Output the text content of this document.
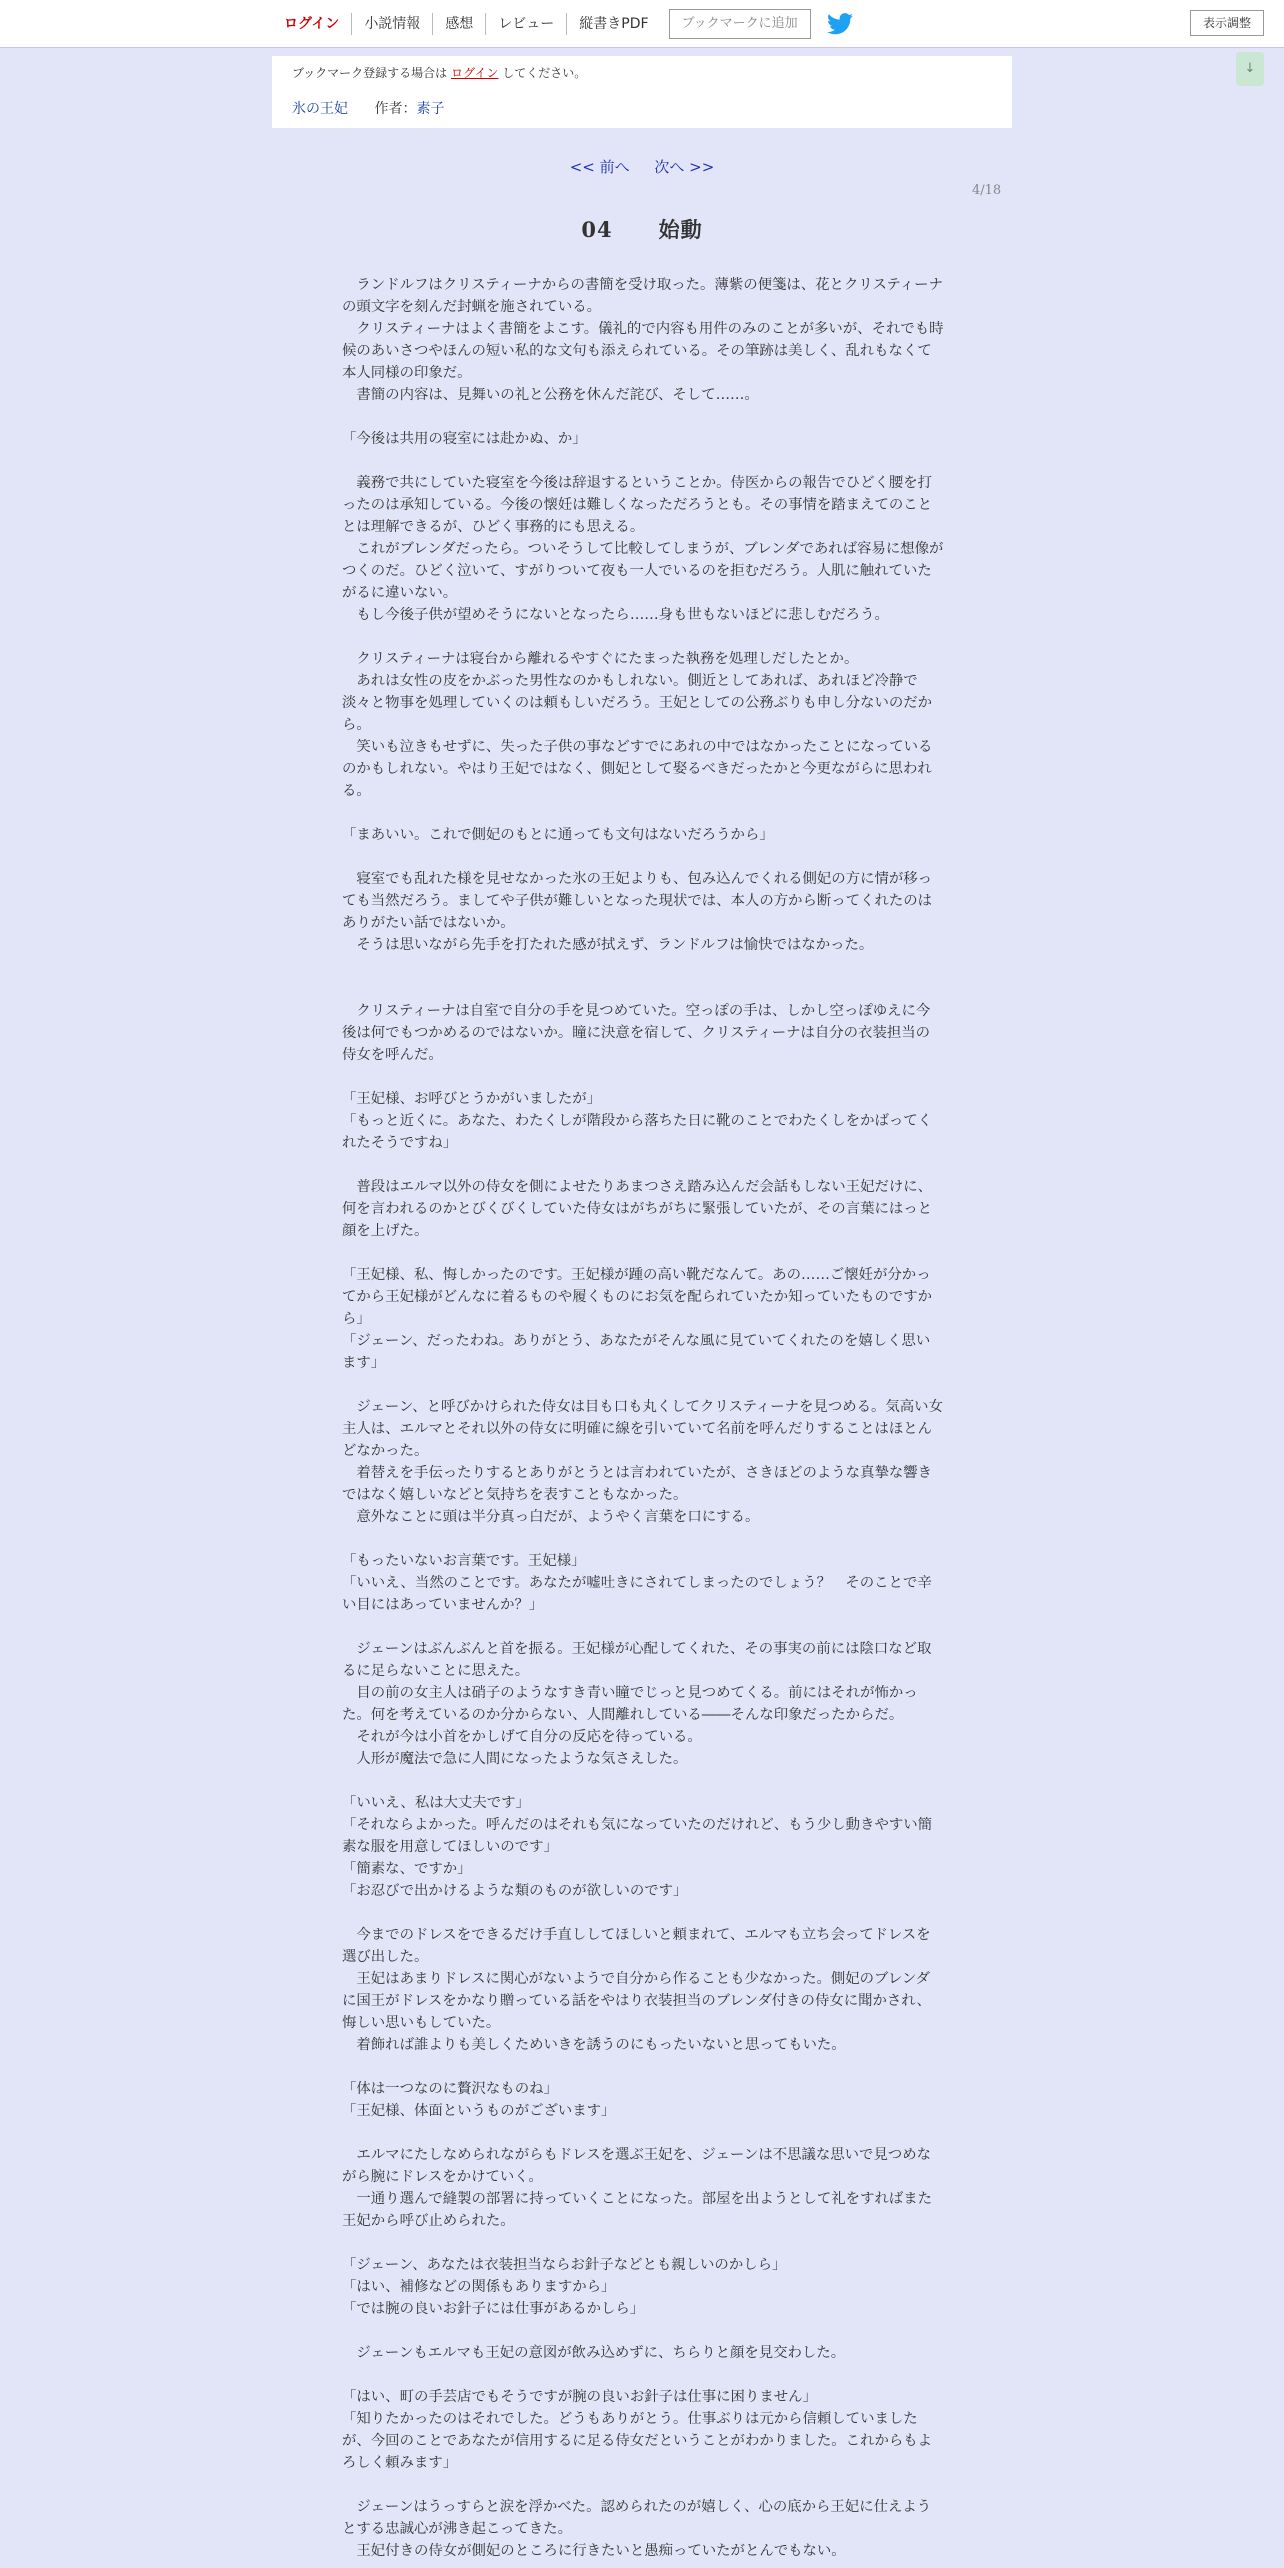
ログイン	小説情報	感想	レビュー	縦書きPDF	ブックマークに追加	表示調整
↓
ブックマーク登録する場合は ログイン してください。
氷の王妃 作者：素子
<< 前へ 次へ >>
4/18
04 始動

　ランドルフはクリスティーナからの書簡を受け取った。薄紫の便箋は、花とクリスティーナの頭文字を刻んだ封蝋を施されている。

　クリスティーナはよく書簡をよこす。儀礼的で内容も用件のみのことが多いが、それでも時候のあいさつやほんの短い私的な文句も添えられている。その筆跡は美しく、乱れもなくて本人同様の印象だ。

　書簡の内容は、見舞いの礼と公務を休んだ詫び、そして……。

「今後は共用の寝室には赴かぬ、か」

　義務で共にしていた寝室を今後は辞退するということか。侍医からの報告でひどく腰を打ったのは承知している。今後の懐妊は難しくなっただろうとも。その事情を踏まえてのこととは理解できるが、ひどく事務的にも思える。

　これがブレンダだったら。ついそうして比較してしまうが、ブレンダであれば容易に想像がつくのだ。ひどく泣いて、すがりついて夜も一人でいるのを拒むだろう。人肌に触れていたがるに違いない。

　もし今後子供が望めそうにないとなったら……身も世もないほどに悲しむだろう。

　クリスティーナは寝台から離れるやすぐにたまった執務を処理しだしたとか。

　あれは女性の皮をかぶった男性なのかもしれない。側近としてあれば、あれほど冷静で淡々と物事を処理していくのは頼もしいだろう。王妃としての公務ぶりも申し分ないのだから。

　笑いも泣きもせずに、失った子供の事などすでにあれの中ではなかったことになっているのかもしれない。やはり王妃ではなく、側妃として娶るべきだったかと今更ながらに思われる。

「まあいい。これで側妃のもとに通っても文句はないだろうから」

　寝室でも乱れた様を見せなかった氷の王妃よりも、包み込んでくれる側妃の方に情が移っても当然だろう。ましてや子供が難しいとなった現状では、本人の方から断ってくれたのはありがたい話ではないか。

　そうは思いながら先手を打たれた感が拭えず、ランドルフは愉快ではなかった。

　クリスティーナは自室で自分の手を見つめていた。空っぽの手は、しかし空っぽゆえに今後は何でもつかめるのではないか。瞳に決意を宿して、クリスティーナは自分の衣装担当の侍女を呼んだ。

「王妃様、お呼びとうかがいましたが」

「もっと近くに。あなた、わたくしが階段から落ちた日に靴のことでわたくしをかばってくれたそうですね」

　普段はエルマ以外の侍女を側によせたりあまつさえ踏み込んだ会話もしない王妃だけに、何を言われるのかとびくびくしていた侍女はがちがちに緊張していたが、その言葉にはっと顔を上げた。

「王妃様、私、悔しかったのです。王妃様が踵の高い靴だなんて。あの……ご懐妊が分かってから王妃様がどんなに着るものや履くものにお気を配られていたか知っていたものですから」

「ジェーン、だったわね。ありがとう、あなたがそんな風に見ていてくれたのを嬉しく思います」

　ジェーン、と呼びかけられた侍女は目も口も丸くしてクリスティーナを見つめる。気高い女主人は、エルマとそれ以外の侍女に明確に線を引いていて名前を呼んだりすることはほとんどなかった。

　着替えを手伝ったりするとありがとうとは言われていたが、さきほどのような真摯な響きではなく嬉しいなどと気持ちを表すこともなかった。

　意外なことに頭は半分真っ白だが、ようやく言葉を口にする。

「もったいないお言葉です。王妃様」

「いいえ、当然のことです。あなたが嘘吐きにされてしまったのでしょう？　そのことで辛い目にはあっていませんか？」

　ジェーンはぶんぶんと首を振る。王妃様が心配してくれた、その事実の前には陰口など取るに足らないことに思えた。

　目の前の女主人は硝子のようなすき青い瞳でじっと見つめてくる。前にはそれが怖かった。何を考えているのか分からない、人間離れしている――そんな印象だったからだ。

　それが今は小首をかしげて自分の反応を待っている。

　人形が魔法で急に人間になったような気さえした。

「いいえ、私は大丈夫です」

「それならよかった。呼んだのはそれも気になっていたのだけれど、もう少し動きやすい簡素な服を用意してほしいのです」

「簡素な、ですか」

「お忍びで出かけるような類のものが欲しいのです」

　今までのドレスをできるだけ手直ししてほしいと頼まれて、エルマも立ち会ってドレスを選び出した。

　王妃はあまりドレスに関心がないようで自分から作ることも少なかった。側妃のブレンダに国王がドレスをかなり贈っている話をやはり衣装担当のブレンダ付きの侍女に聞かされ、悔しい思いもしていた。

　着飾れば誰よりも美しくためいきを誘うのにもったいないと思ってもいた。

「体は一つなのに贅沢なものね」

「王妃様、体面というものがございます」

　エルマにたしなめられながらもドレスを選ぶ王妃を、ジェーンは不思議な思いで見つめながら腕にドレスをかけていく。

　一通り選んで縫製の部署に持っていくことになった。部屋を出ようとして礼をすればまた王妃から呼び止められた。

「ジェーン、あなたは衣装担当ならお針子などとも親しいのかしら」

「はい、補修などの関係もありますから」

「では腕の良いお針子には仕事があるかしら」

　ジェーンもエルマも王妃の意図が飲み込めずに、ちらりと顔を見交わした。

「はい、町の手芸店でもそうですが腕の良いお針子は仕事に困りません」

「知りたかったのはそれでした。どうもありがとう。仕事ぶりは元から信頼していましたが、今回のことであなたが信用するに足る侍女だということがわかりました。これからもよろしく頼みます」

　ジェーンはうっすらと涙を浮かべた。認められたのが嬉しく、心の底から王妃に仕えようとする忠誠心が沸き起こってきた。

　王妃付きの侍女が側妃のところに行きたいと愚痴っていたがとんでもない。
